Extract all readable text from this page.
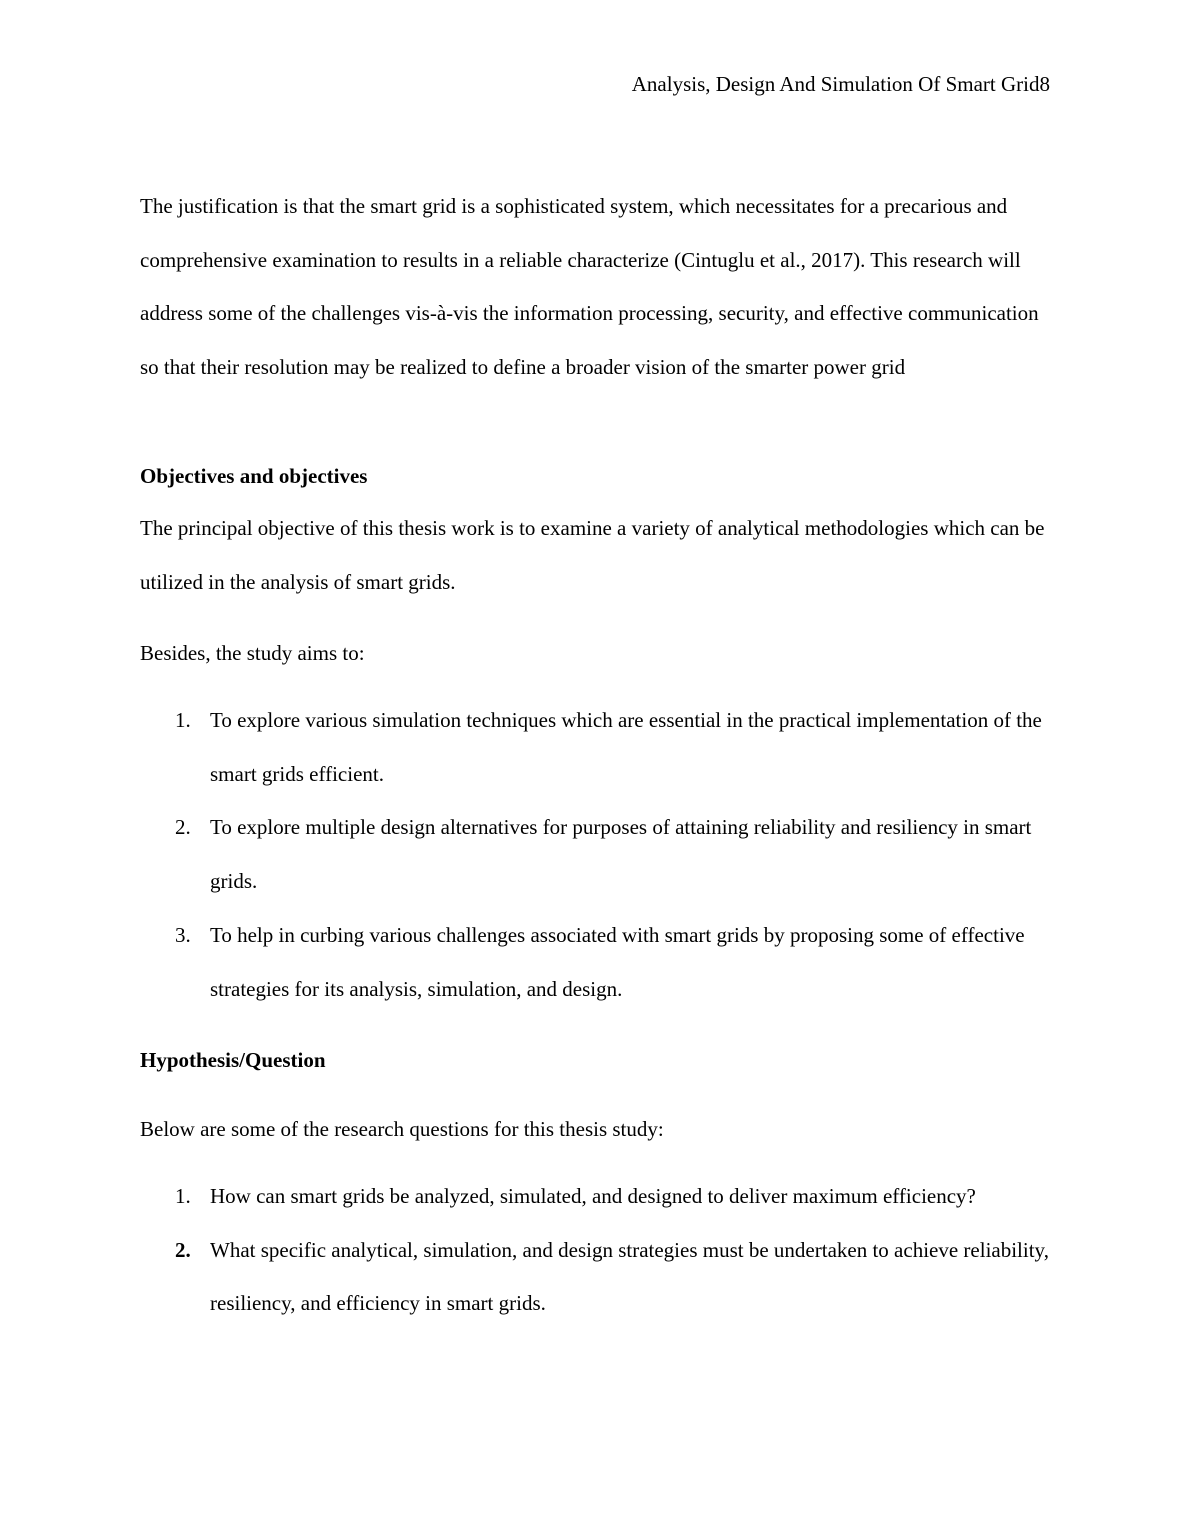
Analysis, Design And Simulation Of Smart Grid8

The justification is that the smart grid is a sophisticated system, which necessitates for a precarious and comprehensive examination to results in a reliable characterize (Cintuglu et al., 2017). This research will address some of the challenges vis-à-vis the information processing, security, and effective communication so that their resolution may be realized to define a broader vision of the smarter power grid

Objectives and objectives

The principal objective of this thesis work is to examine a variety of analytical methodologies which can be utilized in the analysis of smart grids.

Besides, the study aims to:

1. To explore various simulation techniques which are essential in the practical implementation of the smart grids efficient.
2. To explore multiple design alternatives for purposes of attaining reliability and resiliency in smart grids.
3. To help in curbing various challenges associated with smart grids by proposing some of effective strategies for its analysis, simulation, and design.

Hypothesis/Question

Below are some of the research questions for this thesis study:

1. How can smart grids be analyzed, simulated, and designed to deliver maximum efficiency?
2. What specific analytical, simulation, and design strategies must be undertaken to achieve reliability, resiliency, and efficiency in smart grids.
